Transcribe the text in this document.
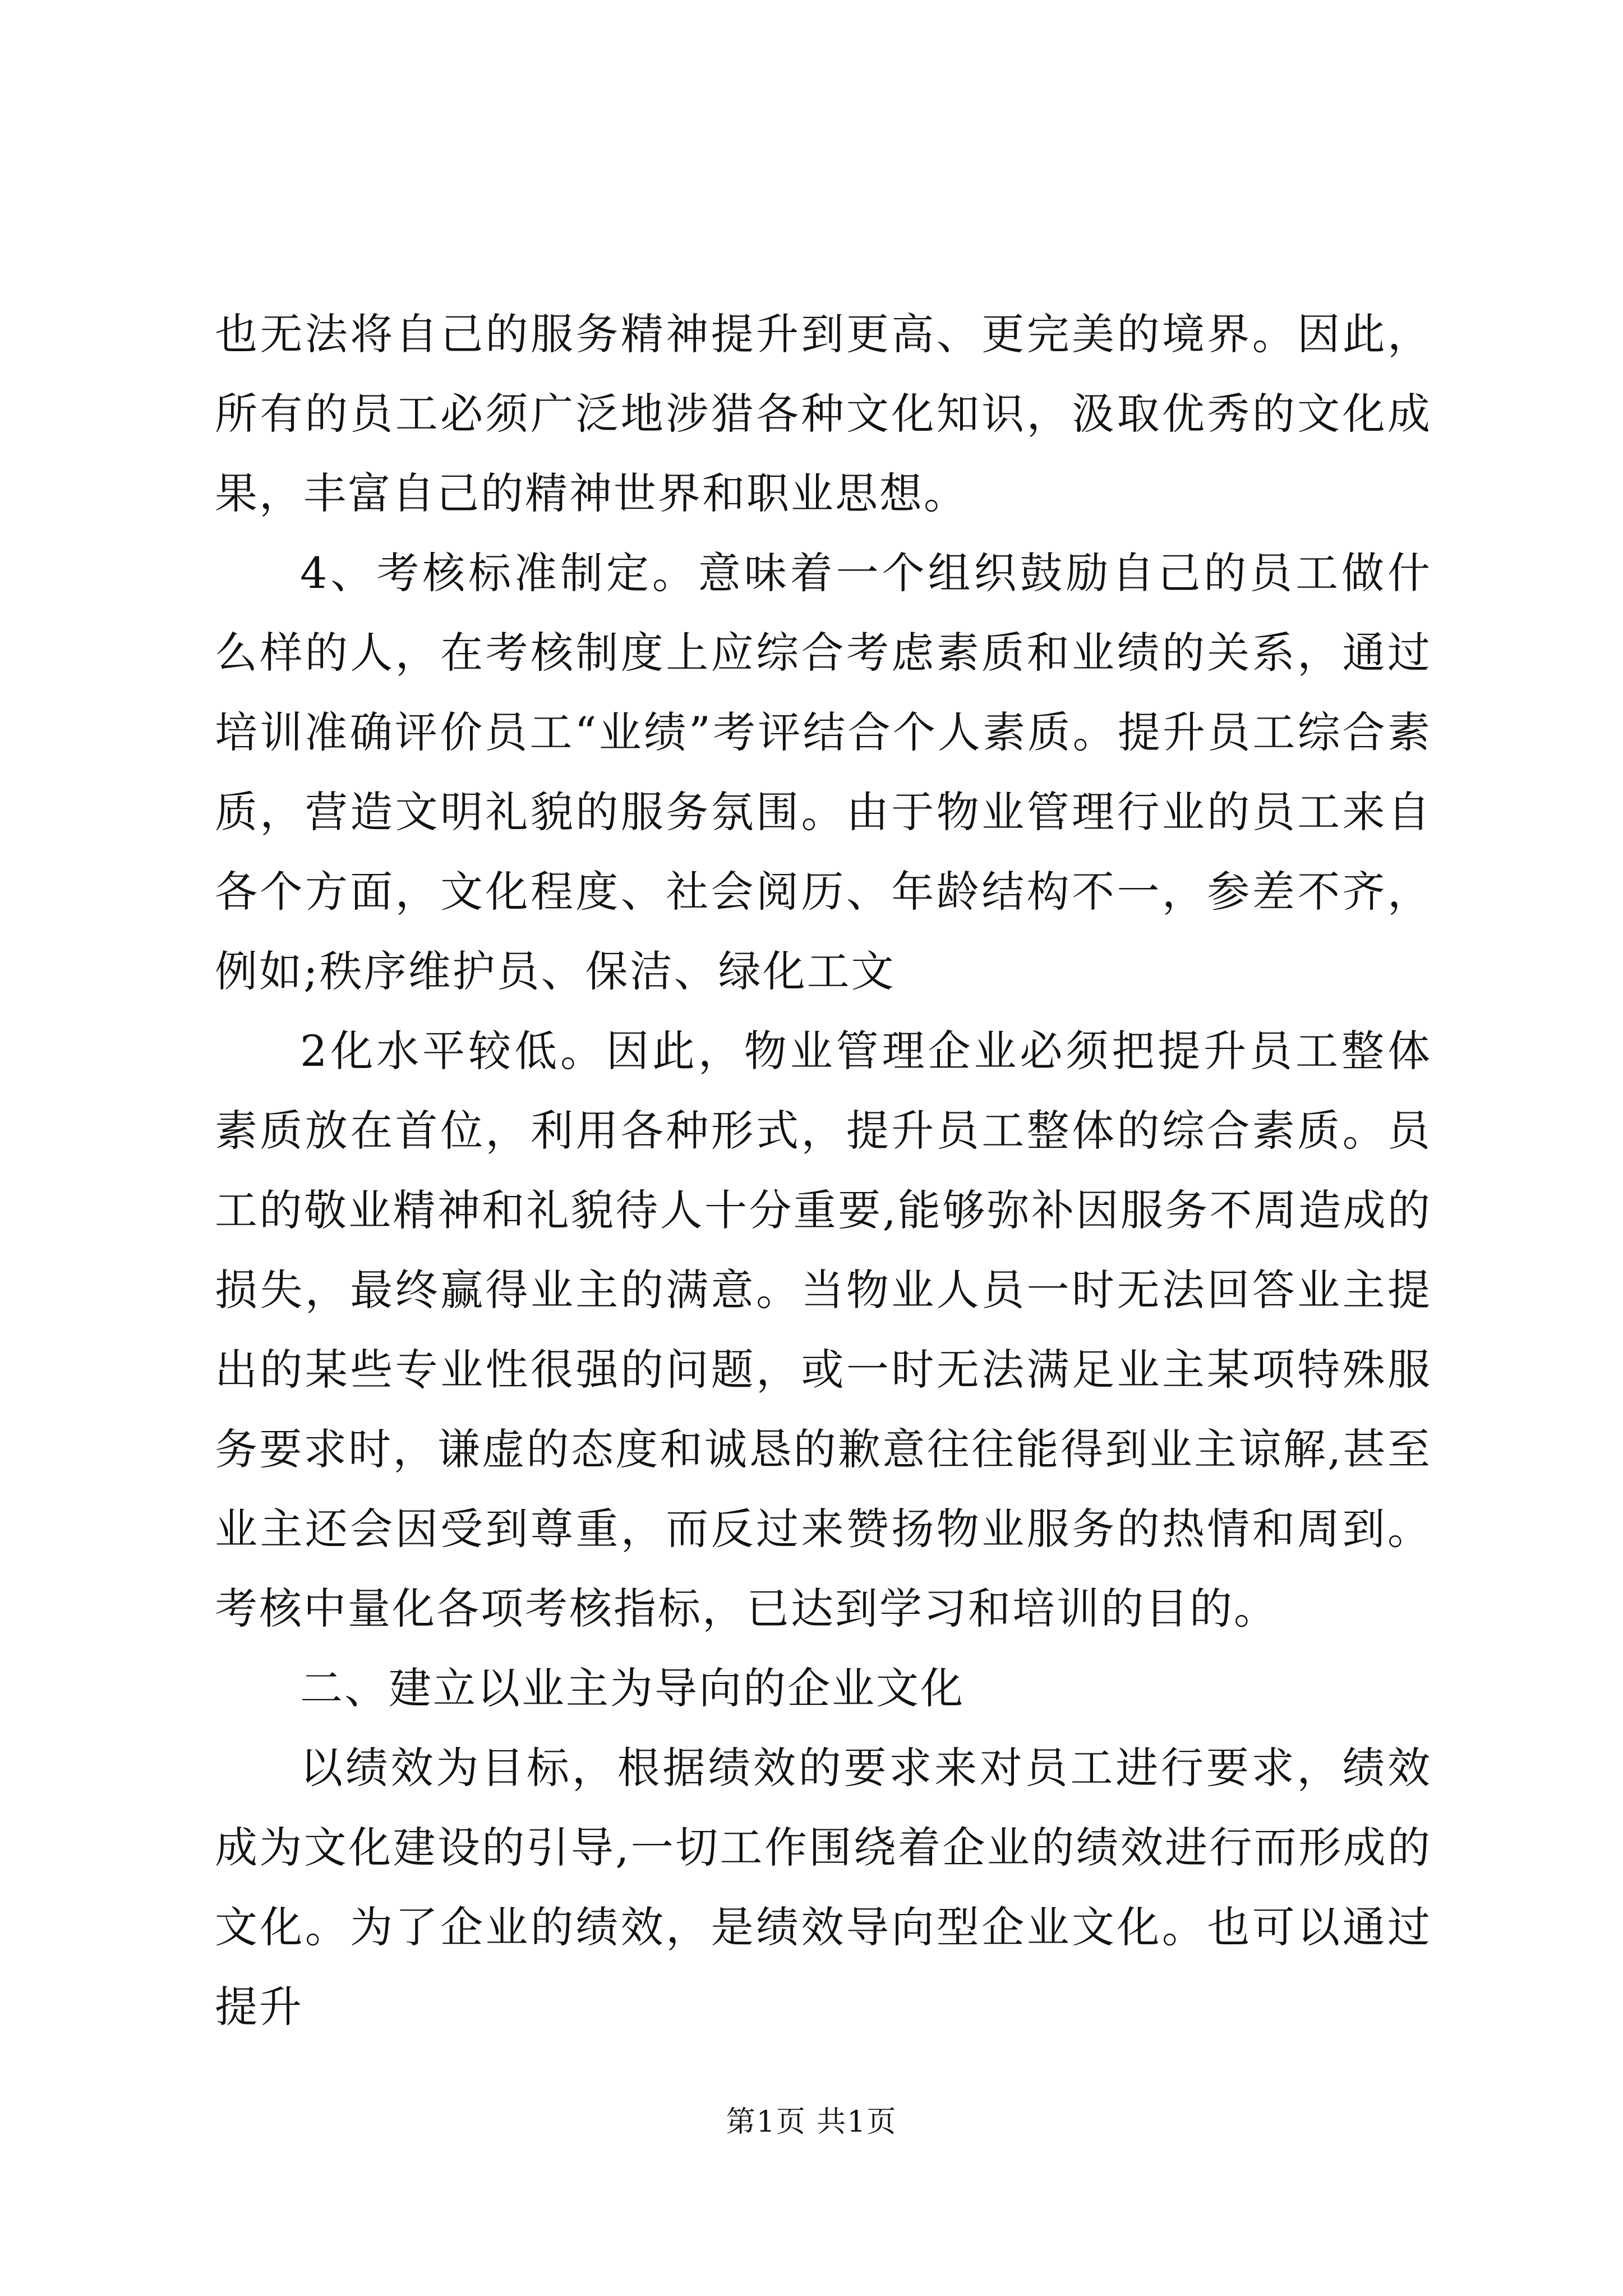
也无法将自己的服务精神提升到更高、更完美的境界。因此，所有的员工必须广泛地涉猎各种文化知识，汲取优秀的文化成果，丰富自己的精神世界和职业思想。

4、考核标准制定。意味着一个组织鼓励自己的员工做什么样的人，在考核制度上应综合考虑素质和业绩的关系，通过培训准确评价员工“业绩”考评结合个人素质。提升员工综合素质，营造文明礼貌的服务氛围。由于物业管理行业的员工来自各个方面，文化程度、社会阅历、年龄结构不一，参差不齐，例如;秩序维护员、保洁、绿化工文

2化水平较低。因此，物业管理企业必须把提升员工整体素质放在首位，利用各种形式，提升员工整体的综合素质。员工的敬业精神和礼貌待人十分重要,能够弥补因服务不周造成的损失，最终赢得业主的满意。当物业人员一时无法回答业主提出的某些专业性很强的问题，或一时无法满足业主某项特殊服务要求时，谦虚的态度和诚恳的歉意往往能得到业主谅解,甚至业主还会因受到尊重，而反过来赞扬物业服务的热情和周到。考核中量化各项考核指标，已达到学习和培训的目的。

二、建立以业主为导向的企业文化

以绩效为目标，根据绩效的要求来对员工进行要求，绩效成为文化建设的引导,一切工作围绕着企业的绩效进行而形成的文化。为了企业的绩效，是绩效导向型企业文化。也可以通过提升

第1页 共1页
